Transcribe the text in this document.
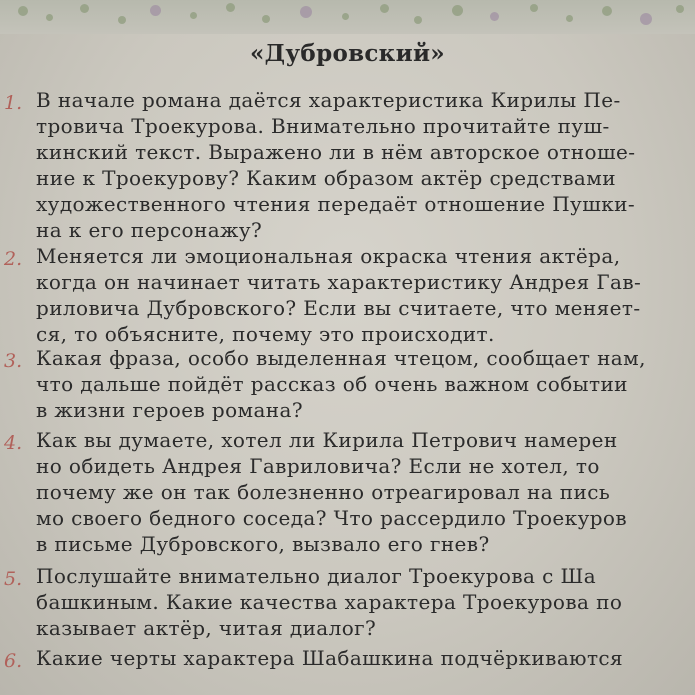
«Дубровский»
1. В начале романа даётся характеристика Кирилы Пе-
тровича Троекурова. Внимательно прочитайте пуш-
кинский текст. Выражено ли в нём авторское отноше-
ние к Троекурову? Каким образом актёр средствами
художественного чтения передаёт отношение Пушки-
на к его персонажу?
2. Меняется ли эмоциональная окраска чтения актёра,
когда он начинает читать характеристику Андрея Гав-
риловича Дубровского? Если вы считаете, что меняет-
ся, то объясните, почему это происходит.
3. Какая фраза, особо выделенная чтецом, сообщает нам,
что дальше пойдёт рассказ об очень важном событии
в жизни героев романа?
4. Как вы думаете, хотел ли Кирила Петрович намерен
но обидеть Андрея Гавриловича? Если не хотел, то
почему же он так болезненно отреагировал на пись
мо своего бедного соседа? Что рассердило Троекуров
в письме Дубровского, вызвало его гнев?
5. Послушайте внимательно диалог Троекурова с Ша
башкиным. Какие качества характера Троекурова по
казывает актёр, читая диалог?
6. Какие черты характера Шабашкина подчёркиваются
